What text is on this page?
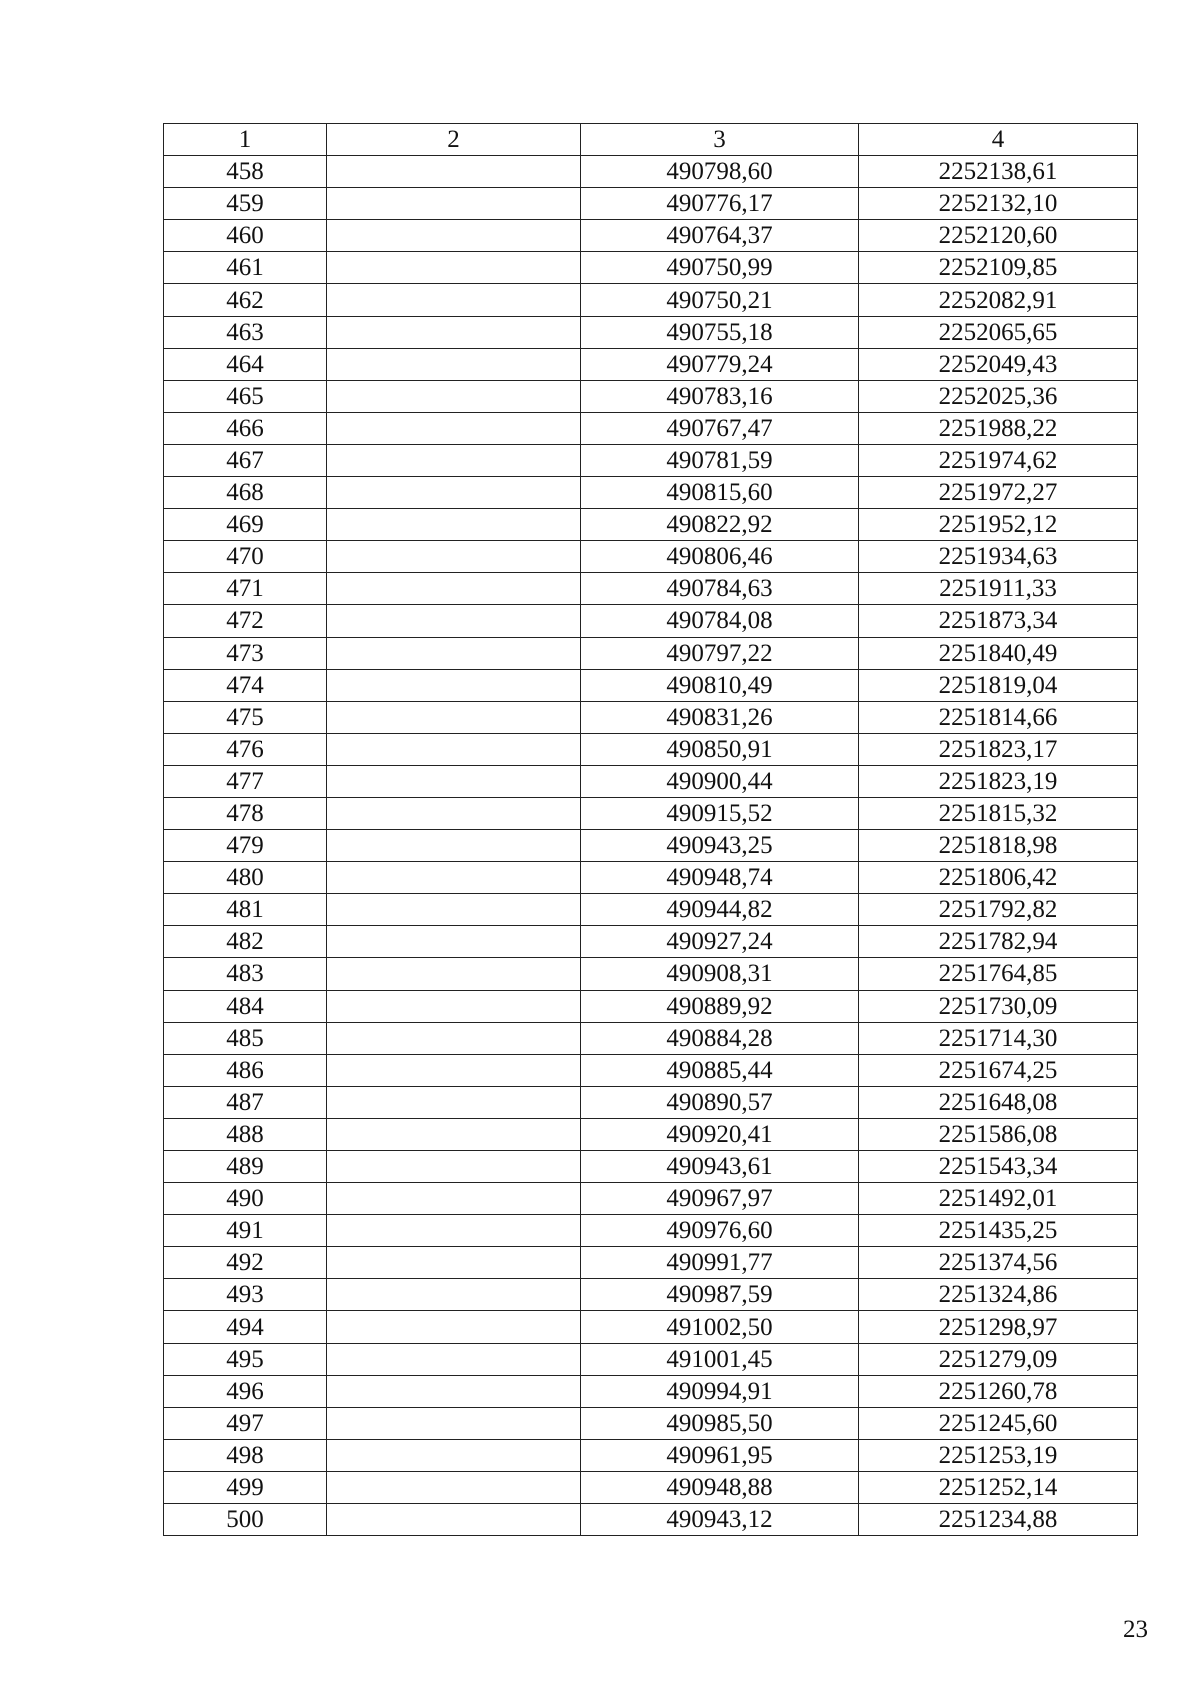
1	2	3	4
458		490798,60	2252138,61
459		490776,17	2252132,10
460		490764,37	2252120,60
461		490750,99	2252109,85
462		490750,21	2252082,91
463		490755,18	2252065,65
464		490779,24	2252049,43
465		490783,16	2252025,36
466		490767,47	2251988,22
467		490781,59	2251974,62
468		490815,60	2251972,27
469		490822,92	2251952,12
470		490806,46	2251934,63
471		490784,63	2251911,33
472		490784,08	2251873,34
473		490797,22	2251840,49
474		490810,49	2251819,04
475		490831,26	2251814,66
476		490850,91	2251823,17
477		490900,44	2251823,19
478		490915,52	2251815,32
479		490943,25	2251818,98
480		490948,74	2251806,42
481		490944,82	2251792,82
482		490927,24	2251782,94
483		490908,31	2251764,85
484		490889,92	2251730,09
485		490884,28	2251714,30
486		490885,44	2251674,25
487		490890,57	2251648,08
488		490920,41	2251586,08
489		490943,61	2251543,34
490		490967,97	2251492,01
491		490976,60	2251435,25
492		490991,77	2251374,56
493		490987,59	2251324,86
494		491002,50	2251298,97
495		491001,45	2251279,09
496		490994,91	2251260,78
497		490985,50	2251245,60
498		490961,95	2251253,19
499		490948,88	2251252,14
500		490943,12	2251234,88
23
